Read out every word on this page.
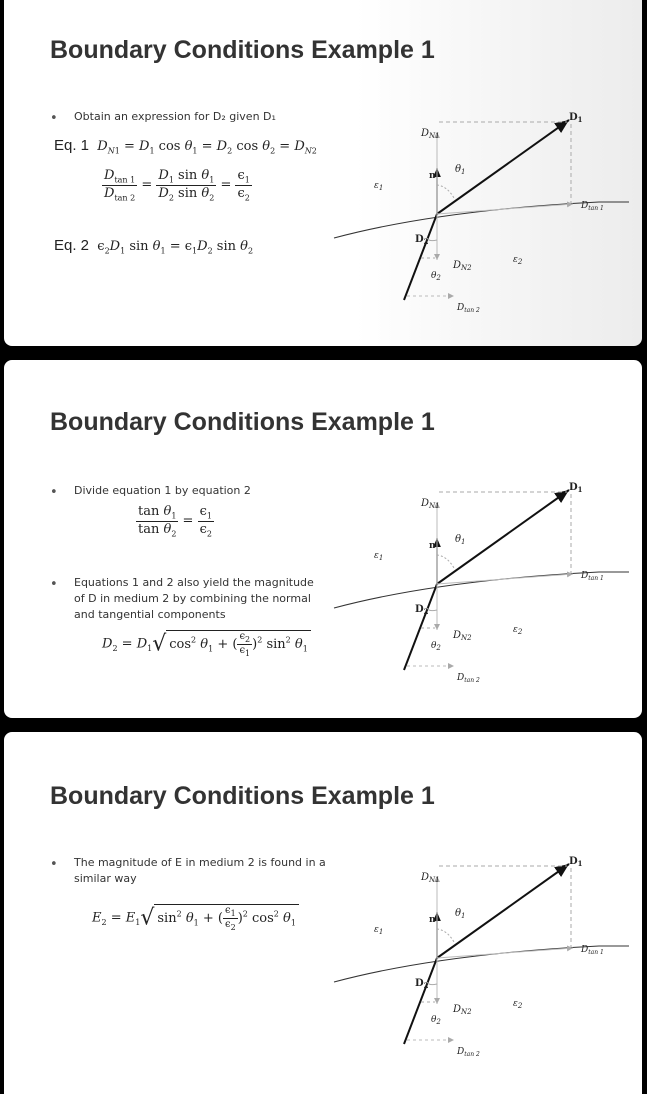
Boundary Conditions Example 1
• Obtain an expression for D₂ given D₁
Eq. 1 $D_{N1} = D_1$ $\cos \theta_1 = D_2$ $\cos \theta_2 = D_{N2}$
$\frac{D_{tan 1}}{D_{tan 2}} = \frac{D_1 \sin \theta_1}{D_2 \sin \theta_2} = \frac{\epsilon_1}{\epsilon_2}$
Eq. 2  $\epsilon_2D_1$ $\sin \theta_1 = \epsilon_1D_2$ $\sin \theta_2$
$D_1$
$D_{N1}$
n
$\theta_1$
$\varepsilon_1$
$D_{tan 1}$
$D_2$
$D_{N2}$
$\theta_2$
$\varepsilon_2$
$D_{tan 2}$
Boundary Conditions Example 1
• Divide equation 1 by equation 2
$\frac{\tan \theta_1}{\tan \theta_2} = \frac{\epsilon_1}{\epsilon_2}$
• Equations 1 and 2 also yield the magnitude
of D in medium 2 by combining the normal
and tangential components
$D_2 = D_1√$ $\cos^2 \theta_1$ + ( $\frac{\epsilon_2}{\epsilon_1} )^2$ $\sin^2 \theta_1$
$D_1$
$D_{N1}$
n
$\theta_1$
$\varepsilon_1$
$D_{tan 1}$
$D_2$
$D_{N2}$
$\theta_2$
$\varepsilon_2$
$D_{tan 2}$
Boundary Conditions Example 1
• The magnitude of E in medium 2 is found in a
similar way
$E_2 = E_1√$ $\sin^2 \theta_1$ + ( $\frac{\epsilon_1}{\epsilon_2} )^2$ $\cos^2 \theta_1$
$D_1$
$D_{N1}$
n
$\theta_1$
$\varepsilon_1$
$D_{tan 1}$
$D_2$
$D_{N2}$
$\theta_2$
$\varepsilon_2$
$D_{tan 2}$
